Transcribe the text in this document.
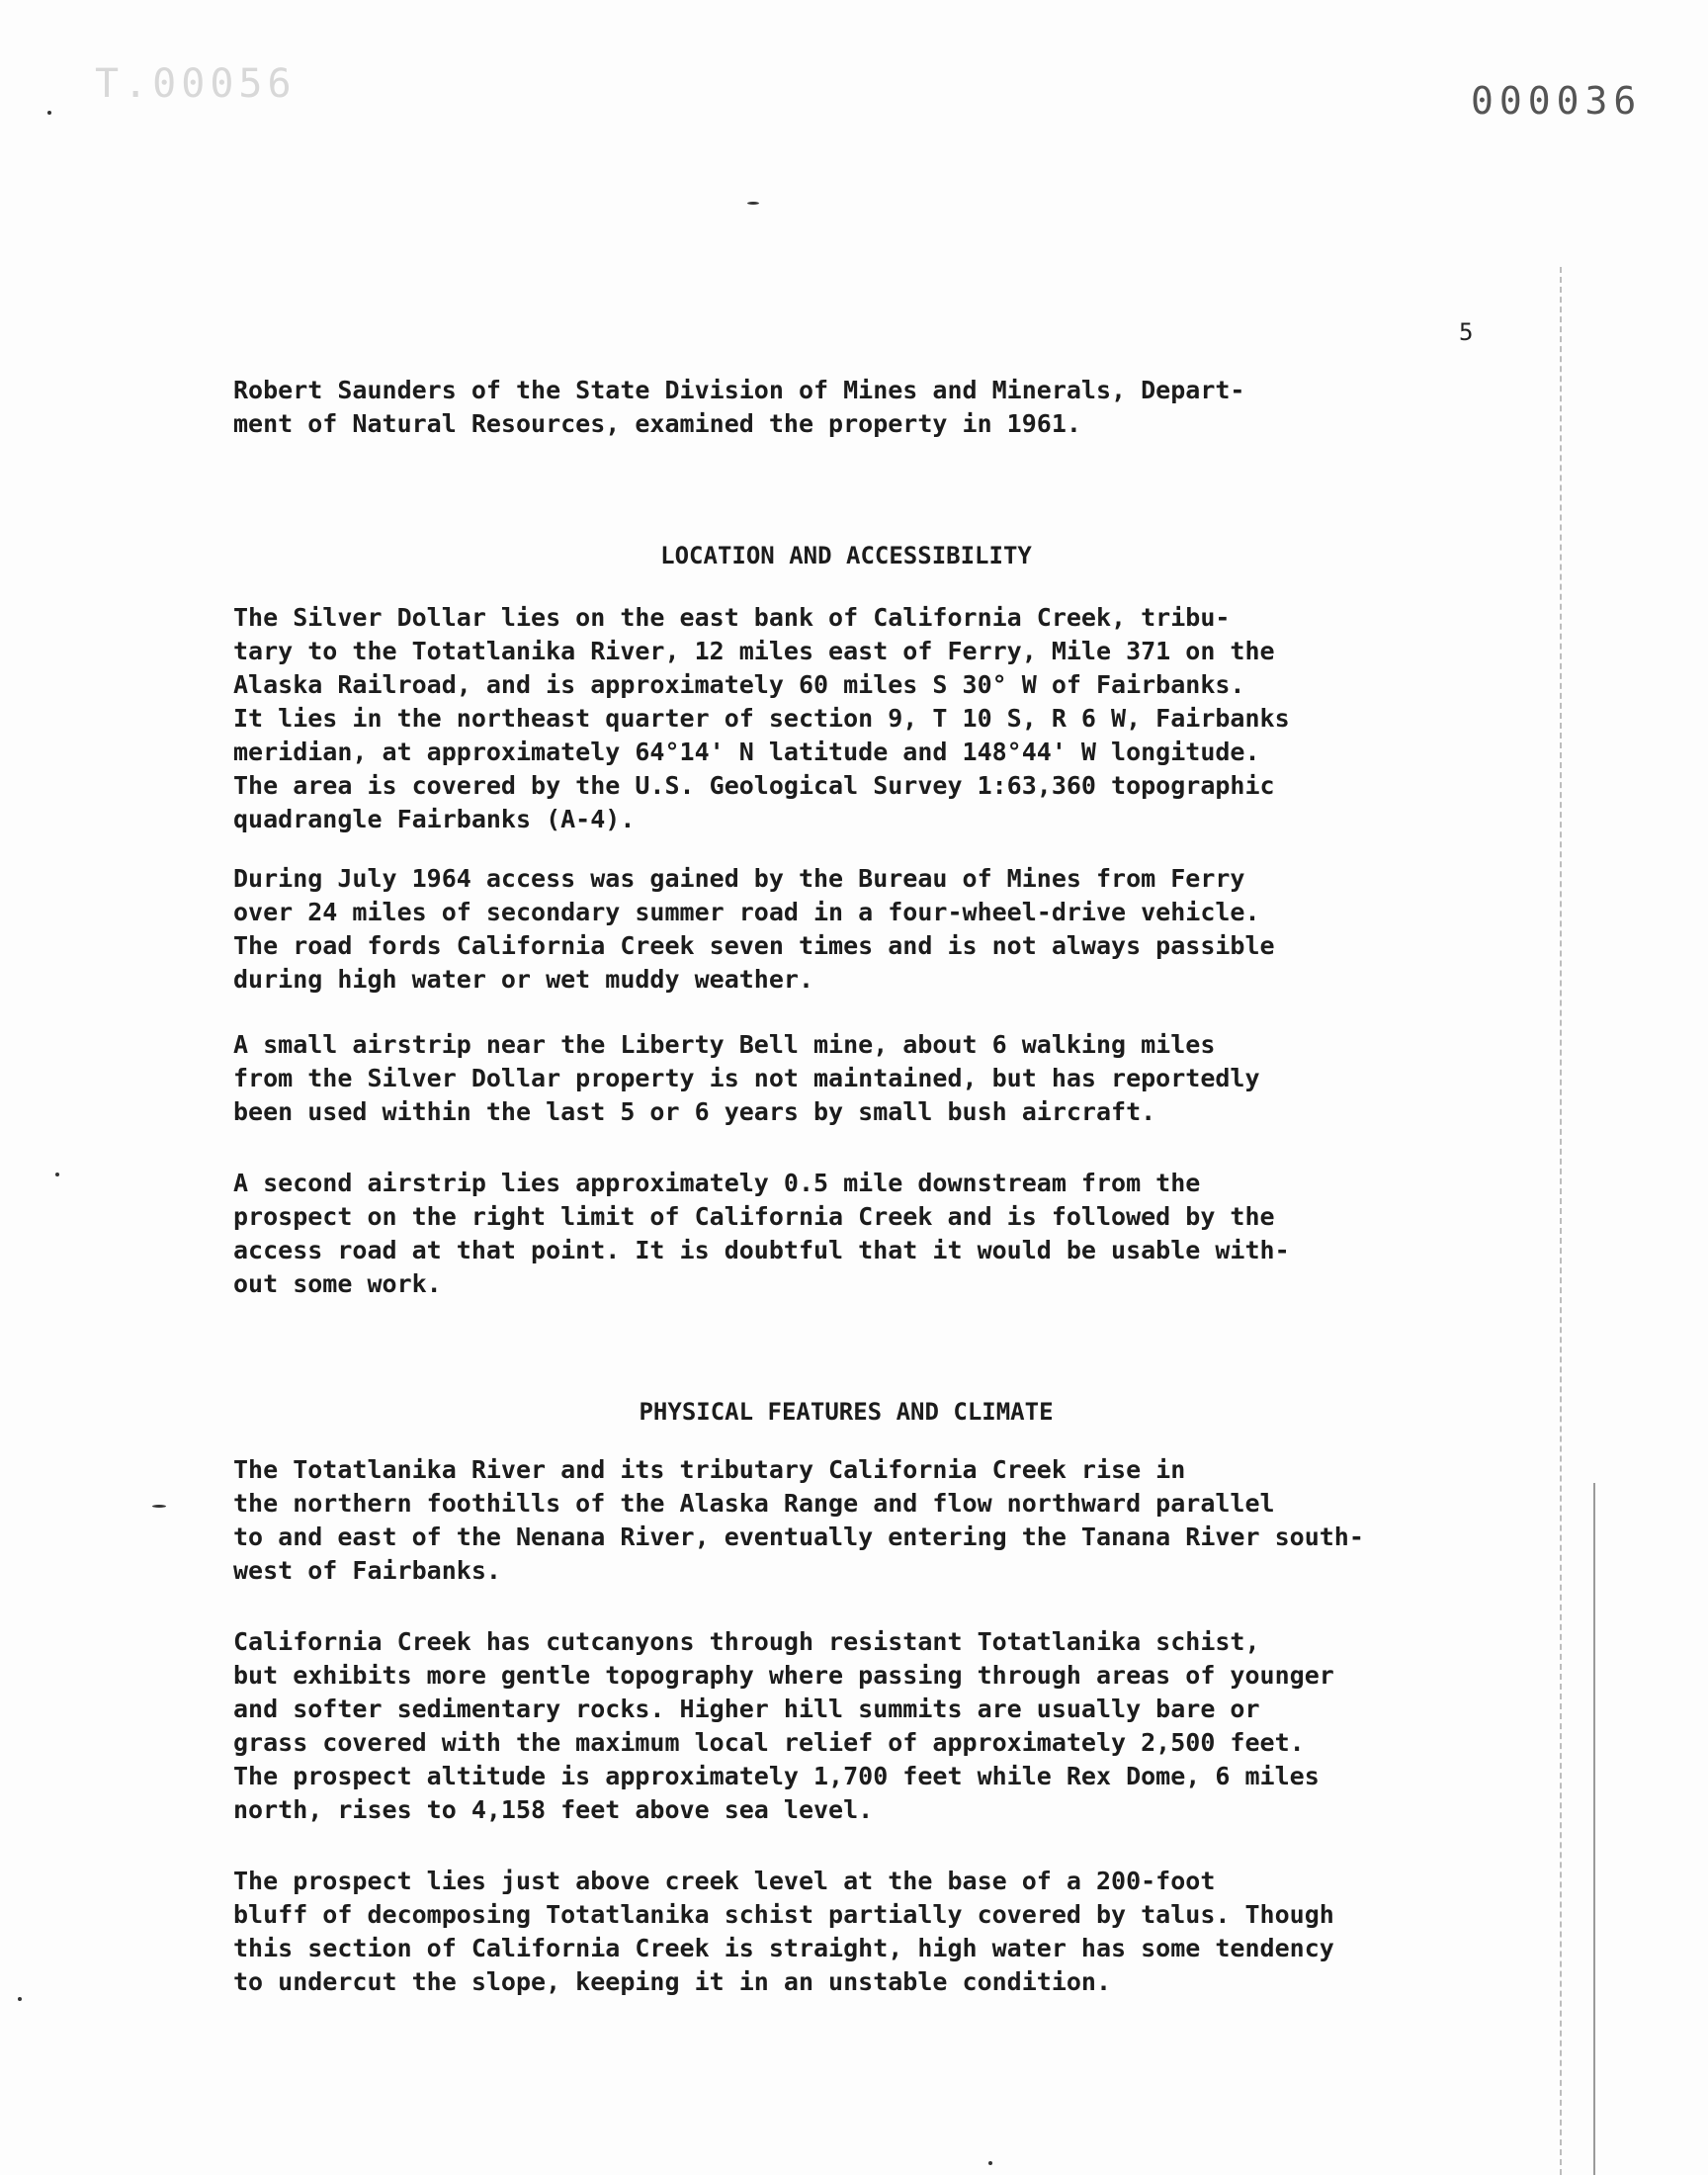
T.00056	000036
5

Robert Saunders of the State Division of Mines and Minerals, Depart-
ment of Natural Resources, examined the property in 1961.

LOCATION AND ACCESSIBILITY

The Silver Dollar lies on the east bank of California Creek, tribu-
tary to the Totatlanika River, 12 miles east of Ferry, Mile 371 on the
Alaska Railroad, and is approximately 60 miles S 30° W of Fairbanks.
It lies in the northeast quarter of section 9, T 10 S, R 6 W, Fairbanks
meridian, at approximately 64°14' N latitude and 148°44' W longitude.
The area is covered by the U.S. Geological Survey 1:63,360 topographic
quadrangle Fairbanks (A-4).

During July 1964 access was gained by the Bureau of Mines from Ferry
over 24 miles of secondary summer road in a four-wheel-drive vehicle.
The road fords California Creek seven times and is not always passible
during high water or wet muddy weather.

A small airstrip near the Liberty Bell mine, about 6 walking miles
from the Silver Dollar property is not maintained, but has reportedly
been used within the last 5 or 6 years by small bush aircraft.

A second airstrip lies approximately 0.5 mile downstream from the
prospect on the right limit of California Creek and is followed by the
access road at that point. It is doubtful that it would be usable with-
out some work.

PHYSICAL FEATURES AND CLIMATE

The Totatlanika River and its tributary California Creek rise in
the northern foothills of the Alaska Range and flow northward parallel
to and east of the Nenana River, eventually entering the Tanana River south-
west of Fairbanks.

California Creek has cutcanyons through resistant Totatlanika schist,
but exhibits more gentle topography where passing through areas of younger
and softer sedimentary rocks. Higher hill summits are usually bare or
grass covered with the maximum local relief of approximately 2,500 feet.
The prospect altitude is approximately 1,700 feet while Rex Dome, 6 miles
north, rises to 4,158 feet above sea level.

The prospect lies just above creek level at the base of a 200-foot
bluff of decomposing Totatlanika schist partially covered by talus. Though
this section of California Creek is straight, high water has some tendency
to undercut the slope, keeping it in an unstable condition.
